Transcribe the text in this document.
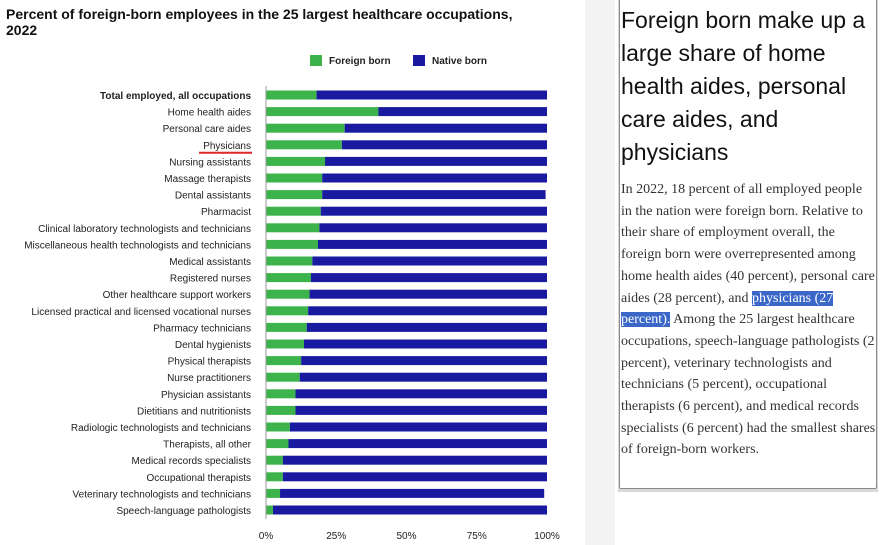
Foreign born	Native born
Total employed, all occupations
Home health aides
Personal care aides
Physicians
Nursing assistants
Massage therapists
Dental assistants
Pharmacist
Clinical laboratory technologists and technicians
Miscellaneous health technologists and technicians
Medical assistants
Registered nurses
Other healthcare support workers
Licensed practical and licensed vocational nurses
Pharmacy technicians
Dental hygienists
Physical therapists
Nurse practitioners
Physician assistants
Dietitians and nutritionists
Radiologic technologists and technicians
Therapists, all other
Medical records specialists
Occupational therapists
Veterinary technologists and technicians
Speech-language pathologists
0%	25%	50%	75%	100%
Percent of foreign-born employees in the 25 largest healthcare occupations, 2022	Foreign born make up a large share of home health aides, personal care aides, and physicians

In 2022, 18 percent of all employed people in the nation were foreign born. Relative to their share of employment overall, the foreign born were overrepresented among home health aides (40 percent), personal care aides (28 percent), and physicians (27 percent). Among the 25 largest healthcare occupations, speech-language pathologists (2 percent), veterinary technologists and technicians (5 percent), occupational therapists (6 percent), and medical records specialists (6 percent) had the smallest shares of foreign-born workers.
